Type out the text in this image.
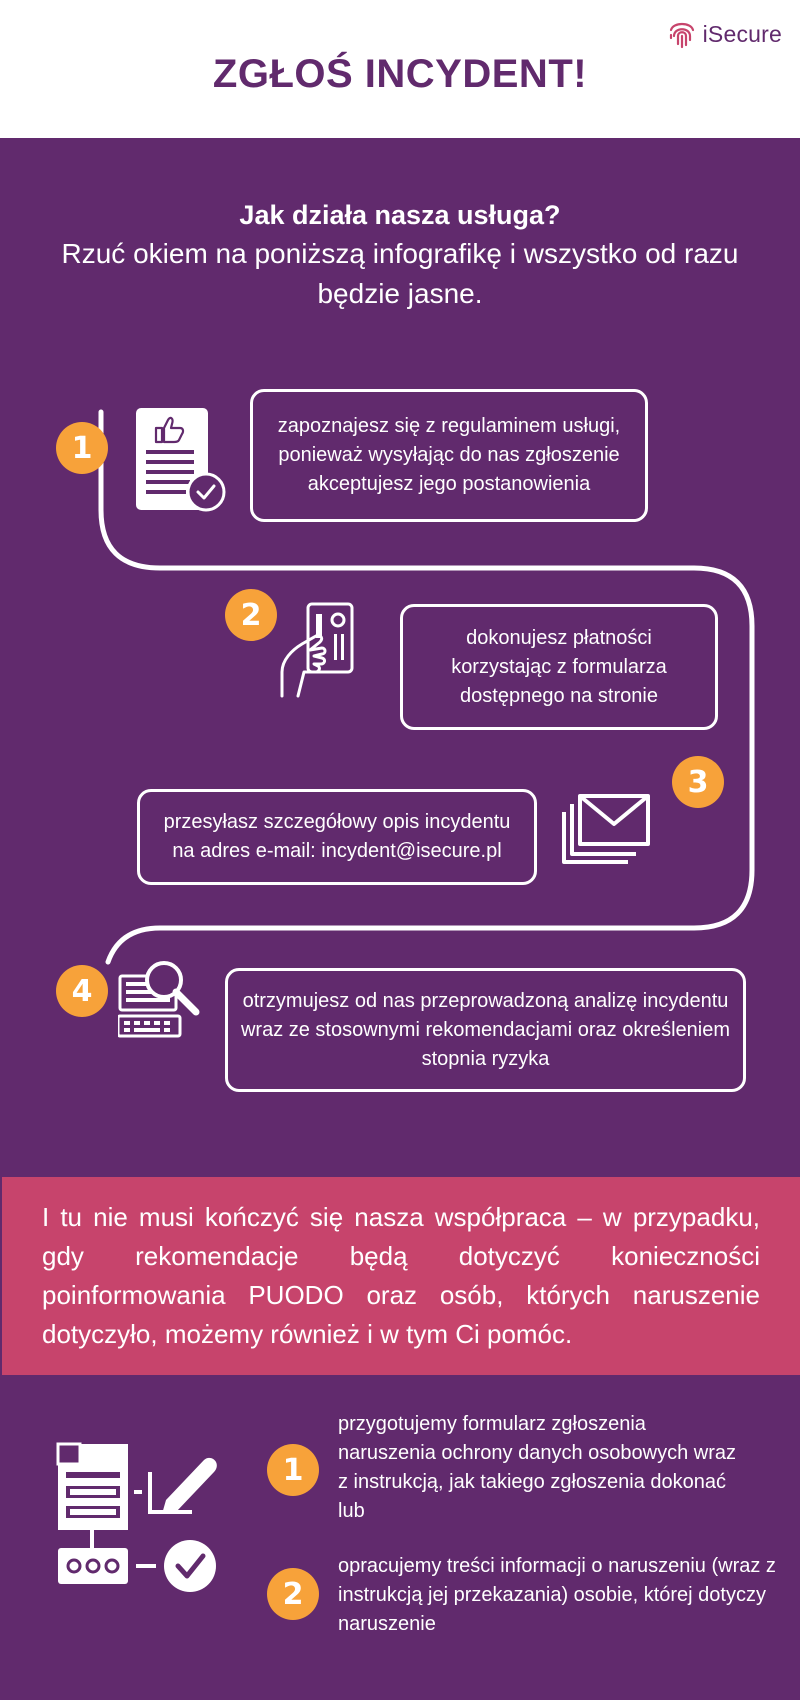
iSecure
ZGŁOŚ INCYDENT!
Jak działa nasza usługa?
Rzuć okiem na poniższą infografikę i wszystko od razu będzie jasne.
1
zapoznajesz się z regulaminem usługi, ponieważ wysyłając do nas zgłoszenie akceptujesz jego postanowienia
2
dokonujesz płatności korzystając z formularza dostępnego na stronie
3
przesyłasz szczegółowy opis incydentu na adres e-mail: incydent@isecure.pl
4	otrzymujesz od nas przeprowadzoną analizę incydentu wraz ze stosownymi rekomendacjami oraz określeniem stopnia ryzyka

I tu nie musi kończyć się nasza współpraca – w przypadku, gdy rekomendacje będą dotyczyć konieczności poinformowania PUODO oraz osób, których naruszenie dotyczyło, możemy również i w tym Ci pomóc.

1

przygotujemy formularz zgłoszenia naruszenia ochrony danych osobowych wraz z instrukcją, jak takiego zgłoszenia dokonać lub

2

opracujemy treści informacji o naruszeniu (wraz z instrukcją jej przekazania) osobie, której dotyczy naruszenie
